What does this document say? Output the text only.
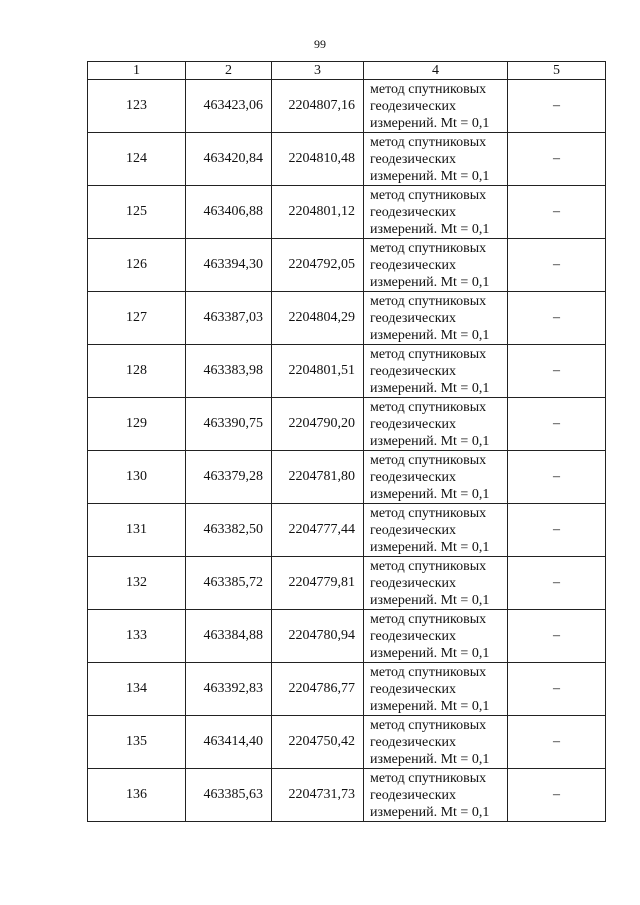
99
1	2	3	4	5
123	463423,06	2204807,16	метод спутниковых
геодезических
измерений. Mt = 0,1	–
124	463420,84	2204810,48	метод спутниковых
геодезических
измерений. Mt = 0,1	–
125	463406,88	2204801,12	метод спутниковых
геодезических
измерений. Mt = 0,1	–
126	463394,30	2204792,05	метод спутниковых
геодезических
измерений. Mt = 0,1	–
127	463387,03	2204804,29	метод спутниковых
геодезических
измерений. Mt = 0,1	–
128	463383,98	2204801,51	метод спутниковых
геодезических
измерений. Mt = 0,1	–
129	463390,75	2204790,20	метод спутниковых
геодезических
измерений. Mt = 0,1	–
130	463379,28	2204781,80	метод спутниковых
геодезических
измерений. Mt = 0,1	–
131	463382,50	2204777,44	метод спутниковых
геодезических
измерений. Mt = 0,1	–
132	463385,72	2204779,81	метод спутниковых
геодезических
измерений. Mt = 0,1	–
133	463384,88	2204780,94	метод спутниковых
геодезических
измерений. Mt = 0,1	–
134	463392,83	2204786,77	метод спутниковых
геодезических
измерений. Mt = 0,1	–
135	463414,40	2204750,42	метод спутниковых
геодезических
измерений. Mt = 0,1	–
136	463385,63	2204731,73	метод спутниковых
геодезических
измерений. Mt = 0,1	–
